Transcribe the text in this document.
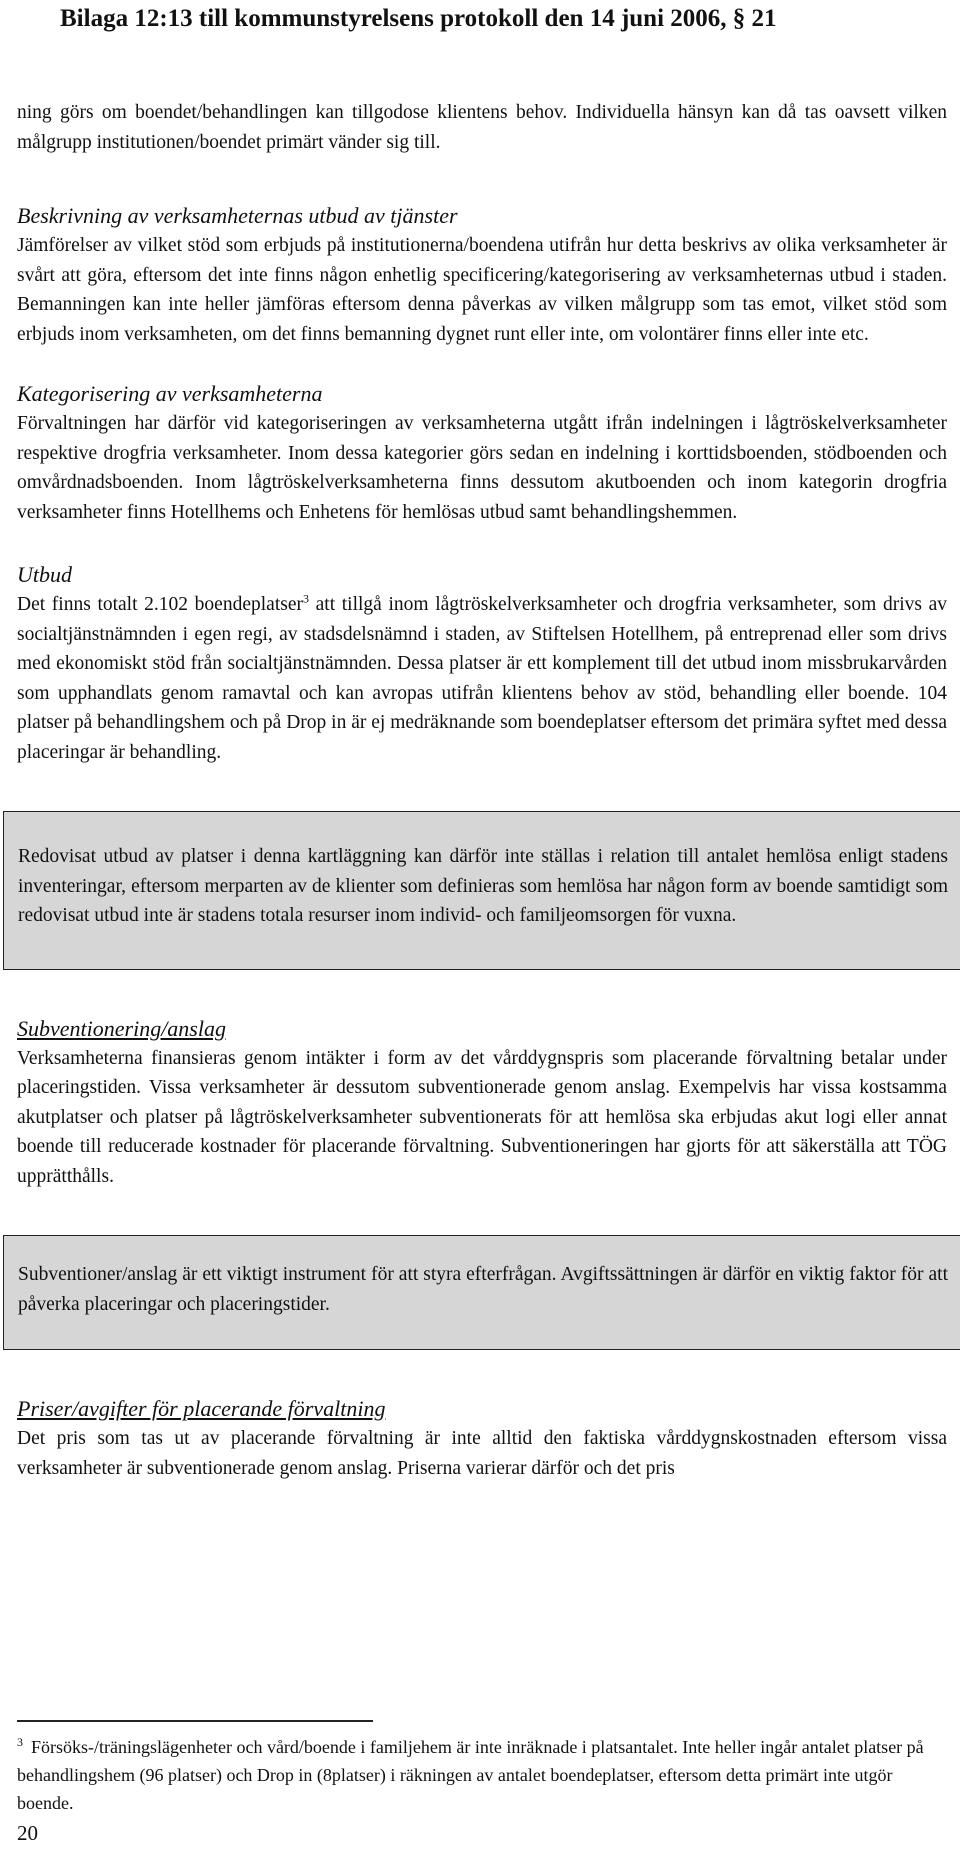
Bilaga 12:13 till kommunstyrelsens protokoll den 14 juni 2006, § 21

ning görs om boendet/behandlingen kan tillgodose klientens behov. Individuella hänsyn kan då tas oavsett vilken målgrupp institutionen/boendet primärt vänder sig till.

Beskrivning av verksamheternas utbud av tjänster

Jämförelser av vilket stöd som erbjuds på institutionerna/boendena utifrån hur detta beskrivs av olika verksamheter är svårt att göra, eftersom det inte finns någon enhetlig specificering/kategorisering av verksamheternas utbud i staden. Bemanningen kan inte heller jämföras eftersom denna påverkas av vilken målgrupp som tas emot, vilket stöd som erbjuds inom verksamheten, om det finns bemanning dygnet runt eller inte, om volontärer finns eller inte etc.

Kategorisering av verksamheterna

Förvaltningen har därför vid kategoriseringen av verksamheterna utgått ifrån indelningen i lågtröskelverksamheter respektive drogfria verksamheter. Inom dessa kategorier görs sedan en indelning i korttidsboenden, stödboenden och omvårdnadsboenden. Inom lågtröskelverksamheterna finns dessutom akutboenden och inom kategorin drogfria verksamheter finns Hotellhems och Enhetens för hemlösas utbud samt behandlingshemmen.

Utbud

Det finns totalt 2.102 boendeplatser$^3$ att tillgå inom lågtröskelverksamheter och drogfria verksamheter, som drivs av socialtjänstnämnden i egen regi, av stadsdelsnämnd i staden, av Stiftelsen Hotellhem, på entreprenad eller som drivs med ekonomiskt stöd från socialtjänstnämnden. Dessa platser är ett komplement till det utbud inom missbrukarvården som upphandlats genom ramavtal och kan avropas utifrån klientens behov av stöd, behandling eller boende. 104 platser på behandlingshem och på Drop in är ej medräknande som boendeplatser eftersom det primära syftet med dessa placeringar är behandling.

Redovisat utbud av platser i denna kartläggning kan därför inte ställas i relation till antalet hemlösa enligt stadens inventeringar, eftersom merparten av de klienter som definieras som hemlösa har någon form av boende samtidigt som redovisat utbud inte är stadens totala resurser inom individ- och familjeomsorgen för vuxna.

Subventionering/anslag

Verksamheterna finansieras genom intäkter i form av det vårddygnspris som placerande förvaltning betalar under placeringstiden. Vissa verksamheter är dessutom subventionerade genom anslag. Exempelvis har vissa kostsamma akutplatser och platser på lågtröskelverksamheter subventionerats för att hemlösa ska erbjudas akut logi eller annat boende till reducerade kostnader för placerande förvaltning. Subventioneringen har gjorts för att säkerställa att TÖG upprätthålls.

Subventioner/anslag är ett viktigt instrument för att styra efterfrågan. Avgiftssättningen är därför en viktig faktor för att påverka placeringar och placeringstider.

Priser/avgifter för placerande förvaltning

Det pris som tas ut av placerande förvaltning är inte alltid den faktiska vårddygnskostnaden eftersom vissa verksamheter är subventionerade genom anslag. Priserna varierar därför och det pris

$^3$ Försöks-/träningslägenheter och vård/boende i familjehem är inte inräknade i platsantalet. Inte heller ingår antalet platser på behandlingshem (96 platser) och Drop in (8platser) i räkningen av antalet boendeplatser, eftersom detta primärt inte utgör boende.
20
